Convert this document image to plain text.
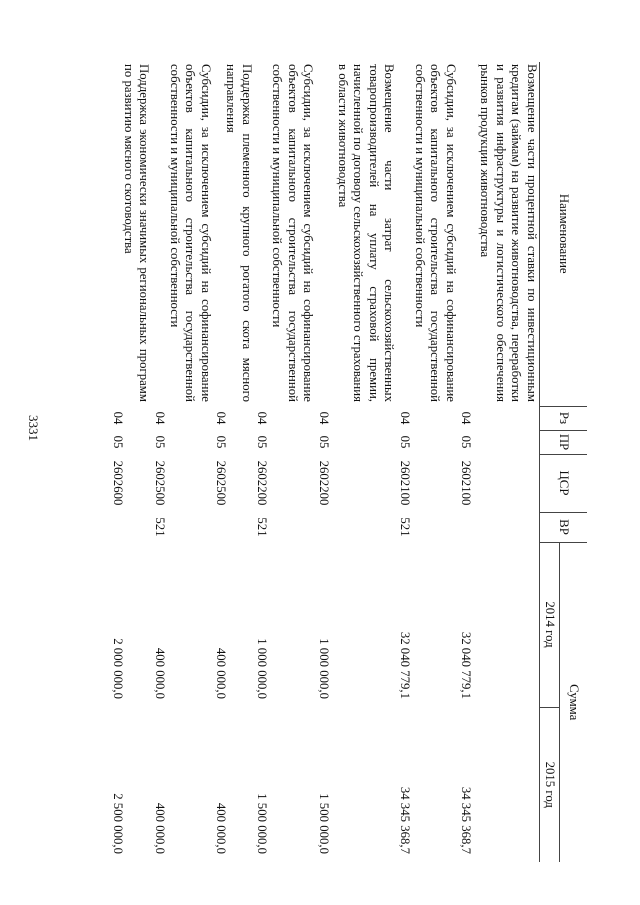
3331
Наименование	Рз	ПР	ЦСР	ВР	Сумма	
					2014 год	2015 год
Возмещение части процентной ставки по инвестиционным кредитам (займам) на развитие животноводства, переработки и развития инфраструктуры и логистического обеспечения рынков продукции животноводства	04	05	2602100		32 040 779,1	34 345 368,7
Субсидии, за исключением субсидий на софинансирование объектов капитального строительства государственной собственности и муниципальной собственности	04	05	2602100	521	32 040 779,1	34 345 368,7
Возмещение части затрат сельскохозяйственных товаропроизводителей на уплату страховой премии, начисленной по договору сельскохозяйственного страхования в области животноводства	04	05	2602200		1 000 000,0	1 500 000,0
Субсидии, за исключением субсидий на софинансирование объектов капитального строительства государственной собственности и муниципальной собственности	04	05	2602200	521	1 000 000,0	1 500 000,0
Поддержка племенного крупного рогатого скота мясного направления	04	05	2602500		400 000,0	400 000,0
Субсидии, за исключением субсидий на софинансирование объектов капитального строительства государственной собственности и муниципальной собственности	04	05	2602500	521	400 000,0	400 000,0
Поддержка экономически значимых региональных программ по развитию мясного скотоводства	04	05	2602600		2 000 000,0	2 500 000,0
